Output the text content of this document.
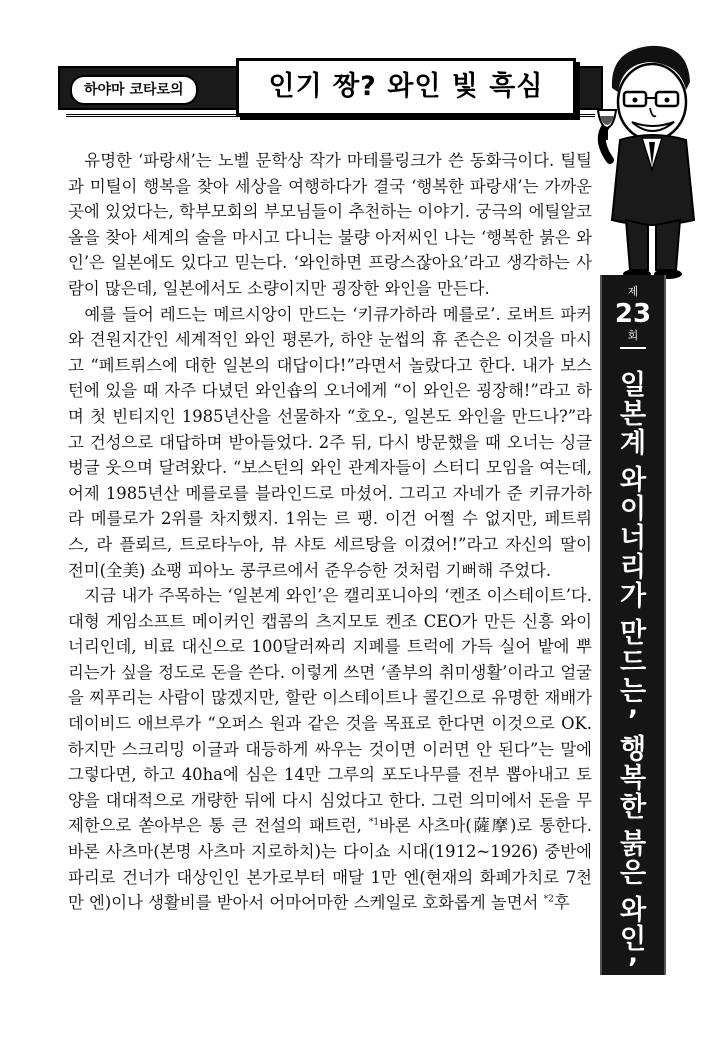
하야마 코타로의	인기 짱? 와인 빛 흑심
제
23
회
일
본
계
와
이
너
리
가
만
드
는
’
행
복
한
붉
은
와
인
’

유명한 ‘파랑새’는 노벨 문학상 작가 마테를링크가 쓴 동화극이다. 틸틸과 미틸이 행복을 찾아 세상을 여행하다가 결국 ‘행복한 파랑새’는 가까운 곳에 있었다는, 학부모회의 부모님들이 추천하는 이야기. 궁극의 에틸알코올을 찾아 세계의 술을 마시고 다니는 불량 아저씨인 나는 ‘행복한 붉은 와인’은 일본에도 있다고 믿는다. ‘와인하면 프랑스잖아요’라고 생각하는 사람이 많은데, 일본에서도 소량이지만 굉장한 와인을 만든다.

예를 들어 레드는 메르시앙이 만드는 ‘키큐가하라 메를로’. 로버트 파커와 견원지간인 세계적인 와인 평론가, 하얀 눈썹의 휴 존슨은 이것을 마시고 “페트뤼스에 대한 일본의 대답이다!”라면서 놀랐다고 한다. 내가 보스턴에 있을 때 자주 다녔던 와인숍의 오너에게 “이 와인은 굉장해!”라고 하며 첫 빈티지인 1985년산을 선물하자 “호오-, 일본도 와인을 만드나?”라고 건성으로 대답하며 받아들었다. 2주 뒤, 다시 방문했을 때 오너는 싱글벙글 웃으며 달려왔다. “보스턴의 와인 관계자들이 스터디 모임을 여는데, 어제 1985년산 메를로를 블라인드로 마셨어. 그리고 자네가 준 키큐가하라 메를로가 2위를 차지했지. 1위는 르 팽. 이건 어쩔 수 없지만, 페트뤼스, 라 플뢰르, 트로타누아, 뷰 샤토 세르탕을 이겼어!”라고 자신의 딸이 전미(全美) 쇼팽 피아노 콩쿠르에서 준우승한 것처럼 기뻐해 주었다.

지금 내가 주목하는 ‘일본계 와인’은 캘리포니아의 ‘켄조 이스테이트’다. 대형 게임소프트 메이커인 캡콤의 츠지모토 켄조 CEO가 만든 신흥 와이너리인데, 비료 대신으로 100달러짜리 지폐를 트럭에 가득 실어 밭에 뿌리는가 싶을 정도로 돈을 쓴다. 이렇게 쓰면 ‘졸부의 취미생활’이라고 얼굴을 찌푸리는 사람이 많겠지만, 할란 이스테이트나 콜긴으로 유명한 재배가 데이비드 애브루가 “오퍼스 원과 같은 것을 목표로 한다면 이것으로 OK. 하지만 스크리밍 이글과 대등하게 싸우는 것이면 이러면 안 된다”는 말에 그렇다면, 하고 40ha에 심은 14만 그루의 포도나무를 전부 뽑아내고 토양을 대대적으로 개량한 뒤에 다시 심었다고 한다. 그런 의미에서 돈을 무제한으로 쏟아부은 통 큰 전설의 패트런, $^{*1}$바론 사츠마(薩摩)로 통한다. 바론 사츠마(본명 사츠마 지로하치)는 다이쇼 시대(1912~1926) 중반에 파리로 건너가 대상인인 본가로부터 매달 1만 엔(현재의 화폐가치로 7천만 엔)이나 생활비를 받아서 어마어마한 스케일로 호화롭게 놀면서 $^{*2}$후
